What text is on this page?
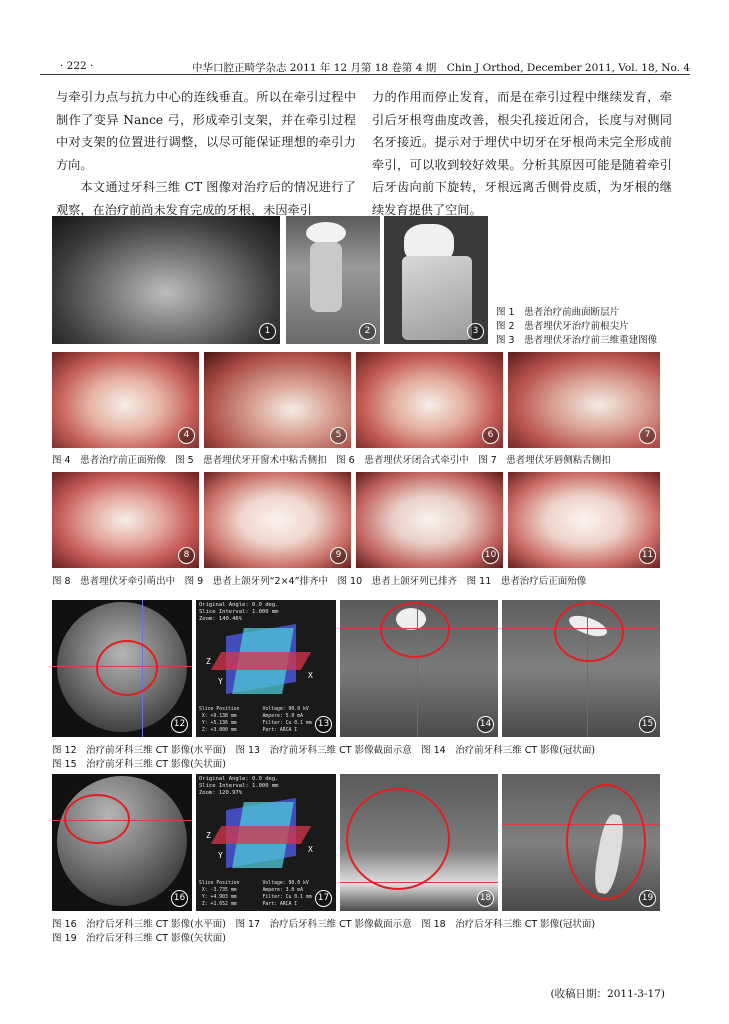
· 222 ·	中华口腔正畸学杂志 2011 年 12 月第 18 卷第 4 期　Chin J Orthod, December 2011, Vol. 18, No. 4

与牵引力点与抗力中心的连线垂直。所以在牵引过程中制作了变异 Nance 弓，形成牵引支架，并在牵引过程中对支架的位置进行调整，以尽可能保证理想的牵引力方向。

本文通过牙科三维 CT 图像对治疗后的情况进行了观察，在治疗前尚未发育完成的牙根，未因牵引

力的作用而停止发育，而是在牵引过程中继续发育，牵引后牙根弯曲度改善，根尖孔接近闭合，长度与对侧同名牙接近。提示对于埋伏中切牙在牙根尚未完全形成前牵引，可以收到较好效果。分析其原因可能是随着牵引后牙齿向前下旋转，牙根远离舌侧骨皮质，为牙根的继续发育提供了空间。

1	2	3
图 1　患者治疗前曲面断层片
图 2　患者埋伏牙治疗前根尖片
图 3　患者埋伏牙治疗前三维重建图像
4	5	6	7
图 4　患者治疗前正面殆像　图 5　患者埋伏牙开窗术中粘舌侧扣　图 6　患者埋伏牙闭合式牵引中　图 7　患者埋伏牙唇侧粘舌侧扣
8	9	10	11
图 8　患者埋伏牙牵引萌出中　图 9　患者上颌牙列“2×4”排齐中　图 10　患者上颌牙列已排齐　图 11　患者治疗后正面殆像
12
Original Angle: 0.0 deg.
Slice Interval: 1.000 mm
Zoom: 140.46%
Z
Y
X
Slice Position        Voltage: 90.0 kV
X: +9.138 mm         Ampere: 5.0 mA
Y: +5.136 mm         Filter: Cu 0.1 mm
Z: +3.000 mm         Part: ARCA I
13	14	15
图 12　治疗前牙科三维 CT 影像(水平面)　图 13　治疗前牙科三维 CT 影像截面示意　图 14　治疗前牙科三维 CT 影像(冠状面)
图 15　治疗前牙科三维 CT 影像(矢状面)
16
Original Angle: 0.0 deg.
Slice Interval: 1.000 mm
Zoom: 120.97%
Z
Y
X
Slice Position        Voltage: 90.0 kV
X: -3.735 mm         Ampere: 3.0 mA
Y: +4.903 mm         Filter: Cu 0.1 mm
Z: +1.652 mm         Part: ARCA I
17	18	19
图 16　治疗后牙科三维 CT 影像(水平面)　图 17　治疗后牙科三维 CT 影像截面示意　图 18　治疗后牙科三维 CT 影像(冠状面)
图 19　治疗后牙科三维 CT 影像(矢状面)
(收稿日期：2011-3-17)
